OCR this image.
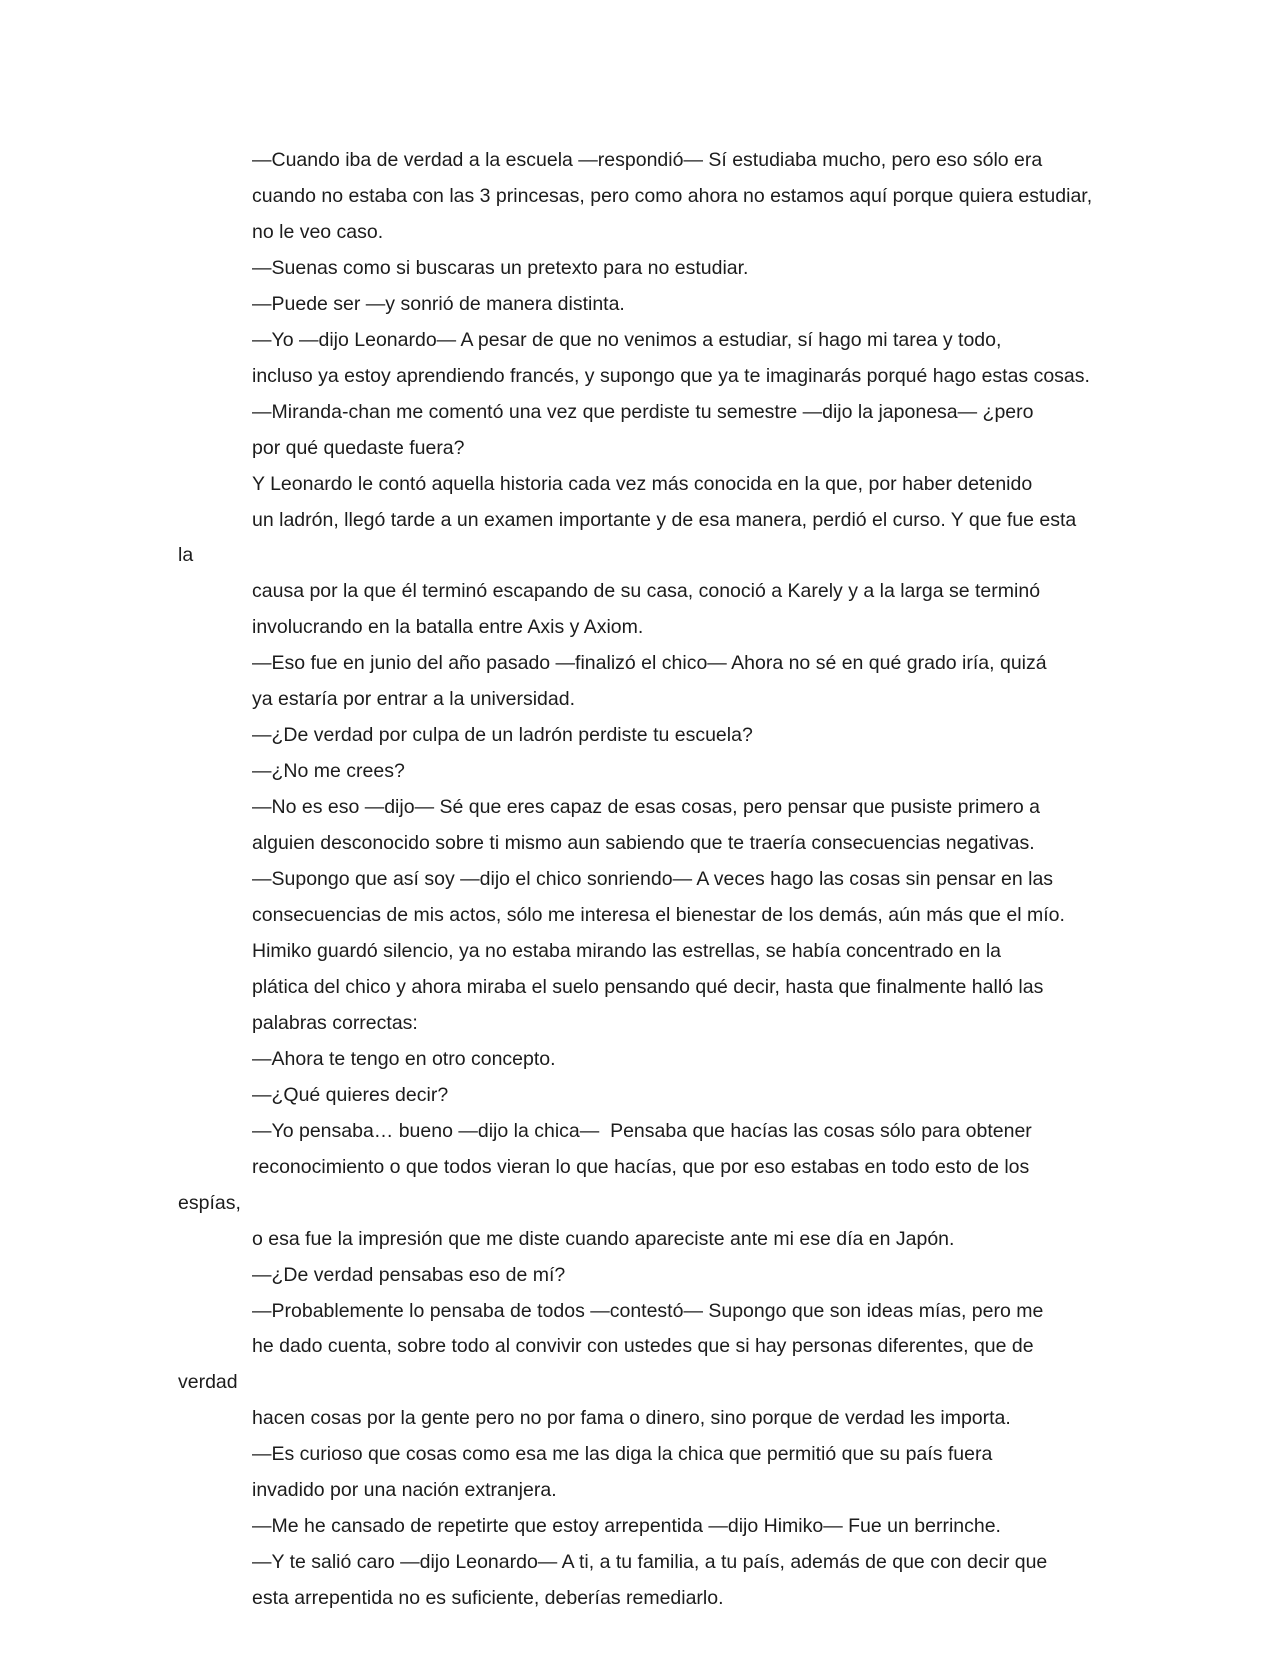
—Cuando iba de verdad a la escuela —respondió— Sí estudiaba mucho, pero eso sólo era
cuando no estaba con las 3 princesas, pero como ahora no estamos aquí porque quiera estudiar,
no le veo caso.

—Suenas como si buscaras un pretexto para no estudiar.

—Puede ser —y sonrió de manera distinta.

—Yo —dijo Leonardo— A pesar de que no venimos a estudiar, sí hago mi tarea y todo,
incluso ya estoy aprendiendo francés, y supongo que ya te imaginarás porqué hago estas cosas.

—Miranda-chan me comentó una vez que perdiste tu semestre —dijo la japonesa— ¿pero
por qué quedaste fuera?

Y Leonardo le contó aquella historia cada vez más conocida en la que, por haber detenido
un ladrón, llegó tarde a un examen importante y de esa manera, perdió el curso. Y que fue esta la
causa por la que él terminó escapando de su casa, conoció a Karely y a la larga se terminó
involucrando en la batalla entre Axis y Axiom.

—Eso fue en junio del año pasado —finalizó el chico— Ahora no sé en qué grado iría, quizá
ya estaría por entrar a la universidad.

—¿De verdad por culpa de un ladrón perdiste tu escuela?

—¿No me crees?

—No es eso —dijo— Sé que eres capaz de esas cosas, pero pensar que pusiste primero a
alguien desconocido sobre ti mismo aun sabiendo que te traería consecuencias negativas.

—Supongo que así soy —dijo el chico sonriendo— A veces hago las cosas sin pensar en las
consecuencias de mis actos, sólo me interesa el bienestar de los demás, aún más que el mío.

Himiko guardó silencio, ya no estaba mirando las estrellas, se había concentrado en la
plática del chico y ahora miraba el suelo pensando qué decir, hasta que finalmente halló las
palabras correctas:

—Ahora te tengo en otro concepto.

—¿Qué quieres decir?

—Yo pensaba… bueno —dijo la chica—  Pensaba que hacías las cosas sólo para obtener
reconocimiento o que todos vieran lo que hacías, que por eso estabas en todo esto de los espías,
o esa fue la impresión que me diste cuando apareciste ante mi ese día en Japón.

—¿De verdad pensabas eso de mí?

—Probablemente lo pensaba de todos —contestó— Supongo que son ideas mías, pero me
he dado cuenta, sobre todo al convivir con ustedes que si hay personas diferentes, que de verdad
hacen cosas por la gente pero no por fama o dinero, sino porque de verdad les importa.

—Es curioso que cosas como esa me las diga la chica que permitió que su país fuera
invadido por una nación extranjera.

—Me he cansado de repetirte que estoy arrepentida —dijo Himiko— Fue un berrinche.

—Y te salió caro —dijo Leonardo— A ti, a tu familia, a tu país, además de que con decir que
esta arrepentida no es suficiente, deberías remediarlo.
